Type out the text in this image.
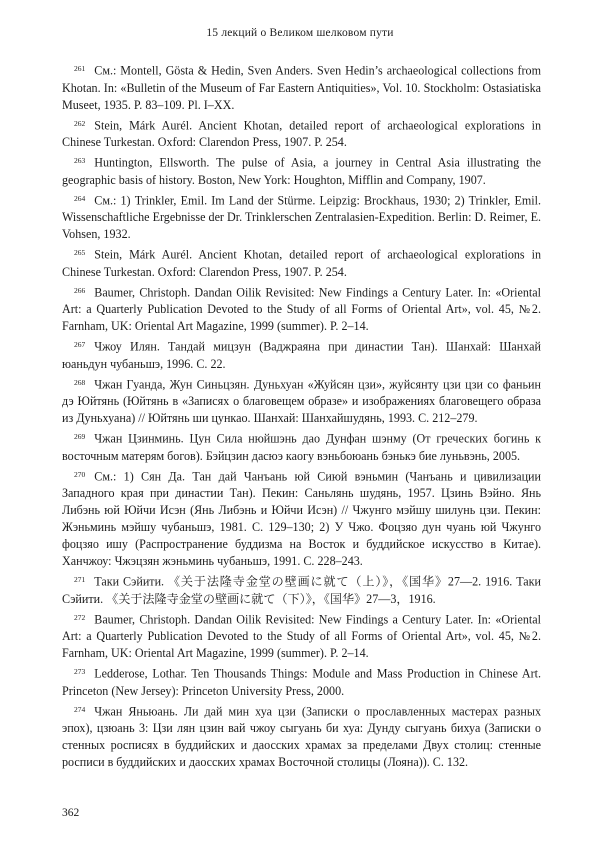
15 лекций о Великом шелковом пути

261 См.: Montell, Gösta & Hedin, Sven Anders. Sven Hedin’s archaeological collections from Khotan. In: «Bulletin of the Museum of Far Eastern Antiquities», Vol. 10. Stockholm: Ostasiatiska Museet, 1935. P. 83–109. Pl. I–XX.

262 Stein, Márk Aurél. Ancient Khotan, detailed report of archaeological explorations in Chinese Turkestan. Oxford: Clarendon Press, 1907. P. 254.

263 Huntington, Ellsworth. The pulse of Asia, a journey in Central Asia illustrating the geographic basis of history. Boston, New York: Houghton, Mifflin and Company, 1907.

264 См.: 1) Trinkler, Emil. Im Land der Stürme. Leipzig: Brockhaus, 1930; 2) Trinkler, Emil. Wissenschaftliche Ergebnisse der Dr. Trinklerschen Zentralasien-Expedition. Berlin: D. Reimer, E. Vohsen, 1932.

265 Stein, Márk Aurél. Ancient Khotan, detailed report of archaeological explorations in Chinese Turkestan. Oxford: Clarendon Press, 1907. P. 254.

266 Baumer, Christoph. Dandan Oilik Revisited: New Findings a Century Later. In: «Oriental Art: a Quarterly Publication Devoted to the Study of all Forms of Oriental Art», vol. 45, №2. Farnham, UK: Oriental Art Magazine, 1999 (summer). P. 2–14.

267 Чжоу Илян. Тандай мицзун (Ваджраяна при династии Тан). Шанхай: Шанхай юаньдун чубаньшэ, 1996. С. 22.

268 Чжан Гуанда, Жун Синьцзян. Дуньхуан «Жуйсян цзи», жуйсянту цзи цзи со фаньин дэ Юйтянь (Юйтянь в «Записях о благовещем образе» и изображениях благовещего образа из Дуньхуана) // Юйтянь ши цункао. Шанхай: Шанхайшудянь, 1993. С. 212–279.

269 Чжан Цзинминь. Цун Сила нюйшэнь дао Дунфан шэнму (От греческих богинь к восточным матерям богов). Бэйцзин дасюэ каогу вэньбоюань бэнькэ бие луньвэнь, 2005.

270 См.: 1) Сян Да. Тан дай Чанъань юй Сиюй вэньмин (Чанъань и цивилизации Западного края при династии Тан). Пекин: Саньлянь шудянь, 1957. Цзинь Вэйно. Янь Либэнь юй Юйчи Исэн (Янь Либэнь и Юйчи Исэн) // Чжунго мэйшу шилунь цзи. Пекин: Жэньминь мэйшу чубаньшэ, 1981. С. 129–130; 2) У Чжо. Фоцзяо дун чуань юй Чжунго фоцзяо ишу (Распространение буддизма на Восток и буддийское искусство в Китае). Ханчжоу: Чжэцзян жэньминь чубаньшэ, 1991. С. 228–243.

271 Таки Сэйити. 《关于法隆寺金堂の壁画に就て（上）》，《国华》27—2. 1916. Таки Сэйити. 《关于法隆寺金堂の壁画に就て（下）》，《国华》27—3，1916.

272 Baumer, Christoph. Dandan Oilik Revisited: New Findings a Century Later. In: «Oriental Art: a Quarterly Publication Devoted to the Study of all Forms of Oriental Art», vol. 45, №2. Farnham, UK: Oriental Art Magazine, 1999 (summer). P. 2–14.

273 Ledderose, Lothar. Ten Thousands Things: Module and Mass Production in Chinese Art. Princeton (New Jersey): Princeton University Press, 2000.

274 Чжан Яньюань. Ли дай мин хуа цзи (Записки о прославленных мастерах разных эпох), цзюань 3: Цзи лян цзин вай чжоу сыгуань би хуа: Дунду сыгуань бихуа (Записки о стенных росписях в буддийских и даосских храмах за пределами Двух столиц: стенные росписи в буддийских и даосских храмах Восточной столицы (Лояна)). С. 132.

362
